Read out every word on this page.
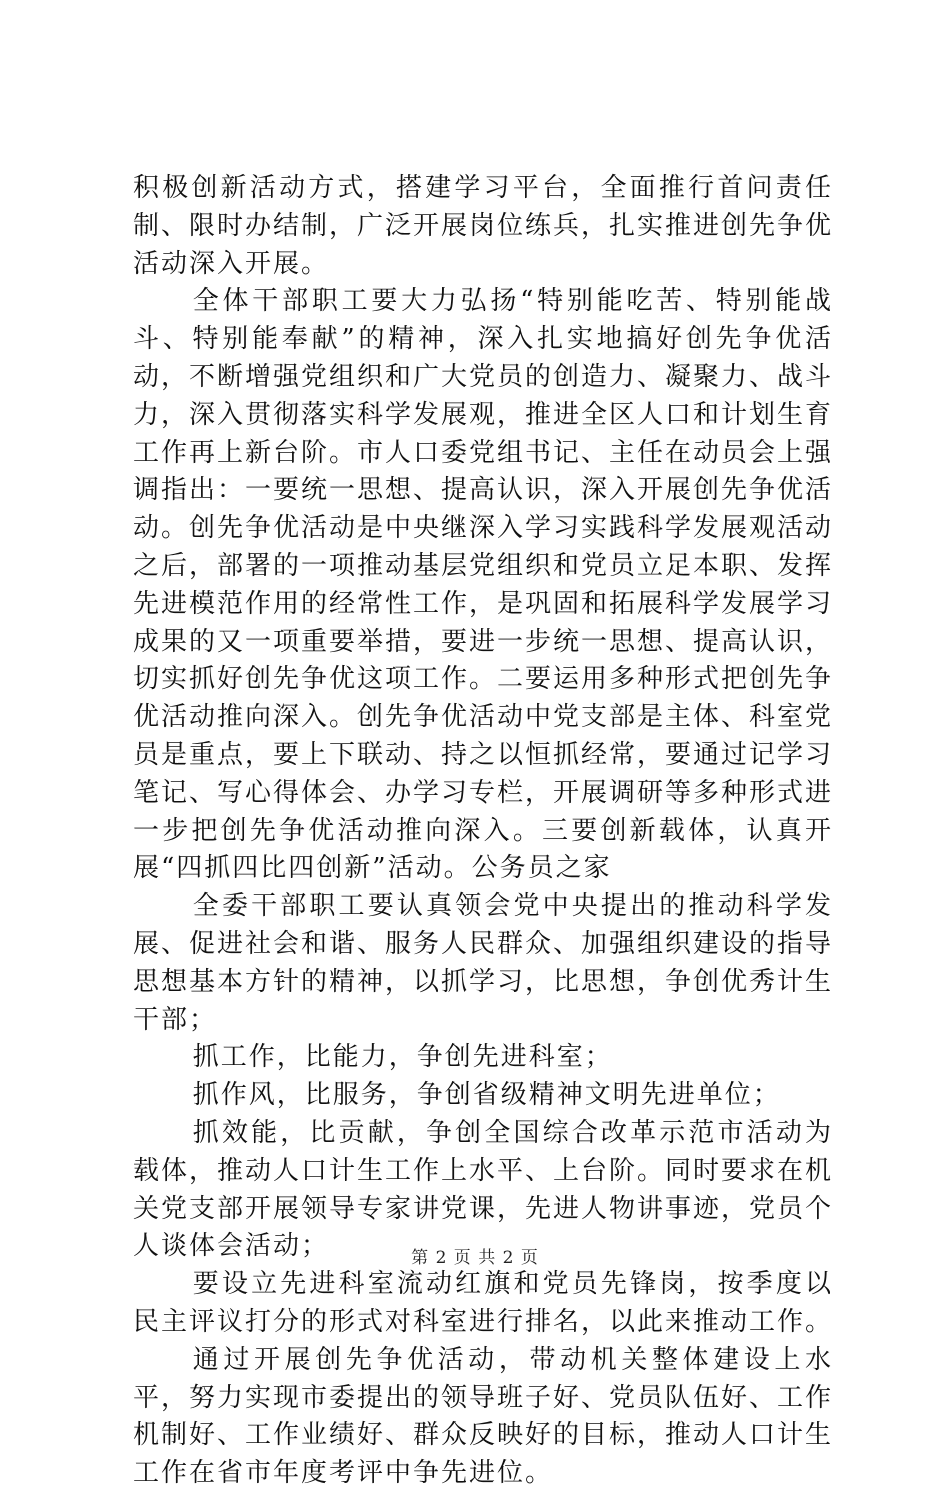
积极创新活动方式，搭建学习平台，全面推行首问责任制、限时办结制，广泛开展岗位练兵，扎实推进创先争优活动深入开展。

全体干部职工要大力弘扬“特别能吃苦、特别能战斗、特别能奉献”的精神，深入扎实地搞好创先争优活动，不断增强党组织和广大党员的创造力、凝聚力、战斗力，深入贯彻落实科学发展观，推进全区人口和计划生育工作再上新台阶。市人口委党组书记、主任在动员会上强调指出：一要统一思想、提高认识，深入开展创先争优活动。创先争优活动是中央继深入学习实践科学发展观活动之后，部署的一项推动基层党组织和党员立足本职、发挥先进模范作用的经常性工作，是巩固和拓展科学发展学习成果的又一项重要举措，要进一步统一思想、提高认识，切实抓好创先争优这项工作。二要运用多种形式把创先争优活动推向深入。创先争优活动中党支部是主体、科室党员是重点，要上下联动、持之以恒抓经常，要通过记学习笔记、写心得体会、办学习专栏，开展调研等多种形式进一步把创先争优活动推向深入。三要创新载体，认真开展“四抓四比四创新”活动。公务员之家

全委干部职工要认真领会党中央提出的推动科学发展、促进社会和谐、服务人民群众、加强组织建设的指导思想基本方针的精神，以抓学习，比思想，争创优秀计生干部；

抓工作，比能力，争创先进科室；

抓作风，比服务，争创省级精神文明先进单位；

抓效能，比贡献，争创全国综合改革示范市活动为载体，推动人口计生工作上水平、上台阶。同时要求在机关党支部开展领导专家讲党课，先进人物讲事迹，党员个人谈体会活动；

要设立先进科室流动红旗和党员先锋岗，按季度以民主评议打分的形式对科室进行排名，以此来推动工作。

通过开展创先争优活动，带动机关整体建设上水平，努力实现市委提出的领导班子好、党员队伍好、工作机制好、工作业绩好、群众反映好的目标，推动人口计生工作在省市年度考评中争先进位。

第 2 页 共 2 页
